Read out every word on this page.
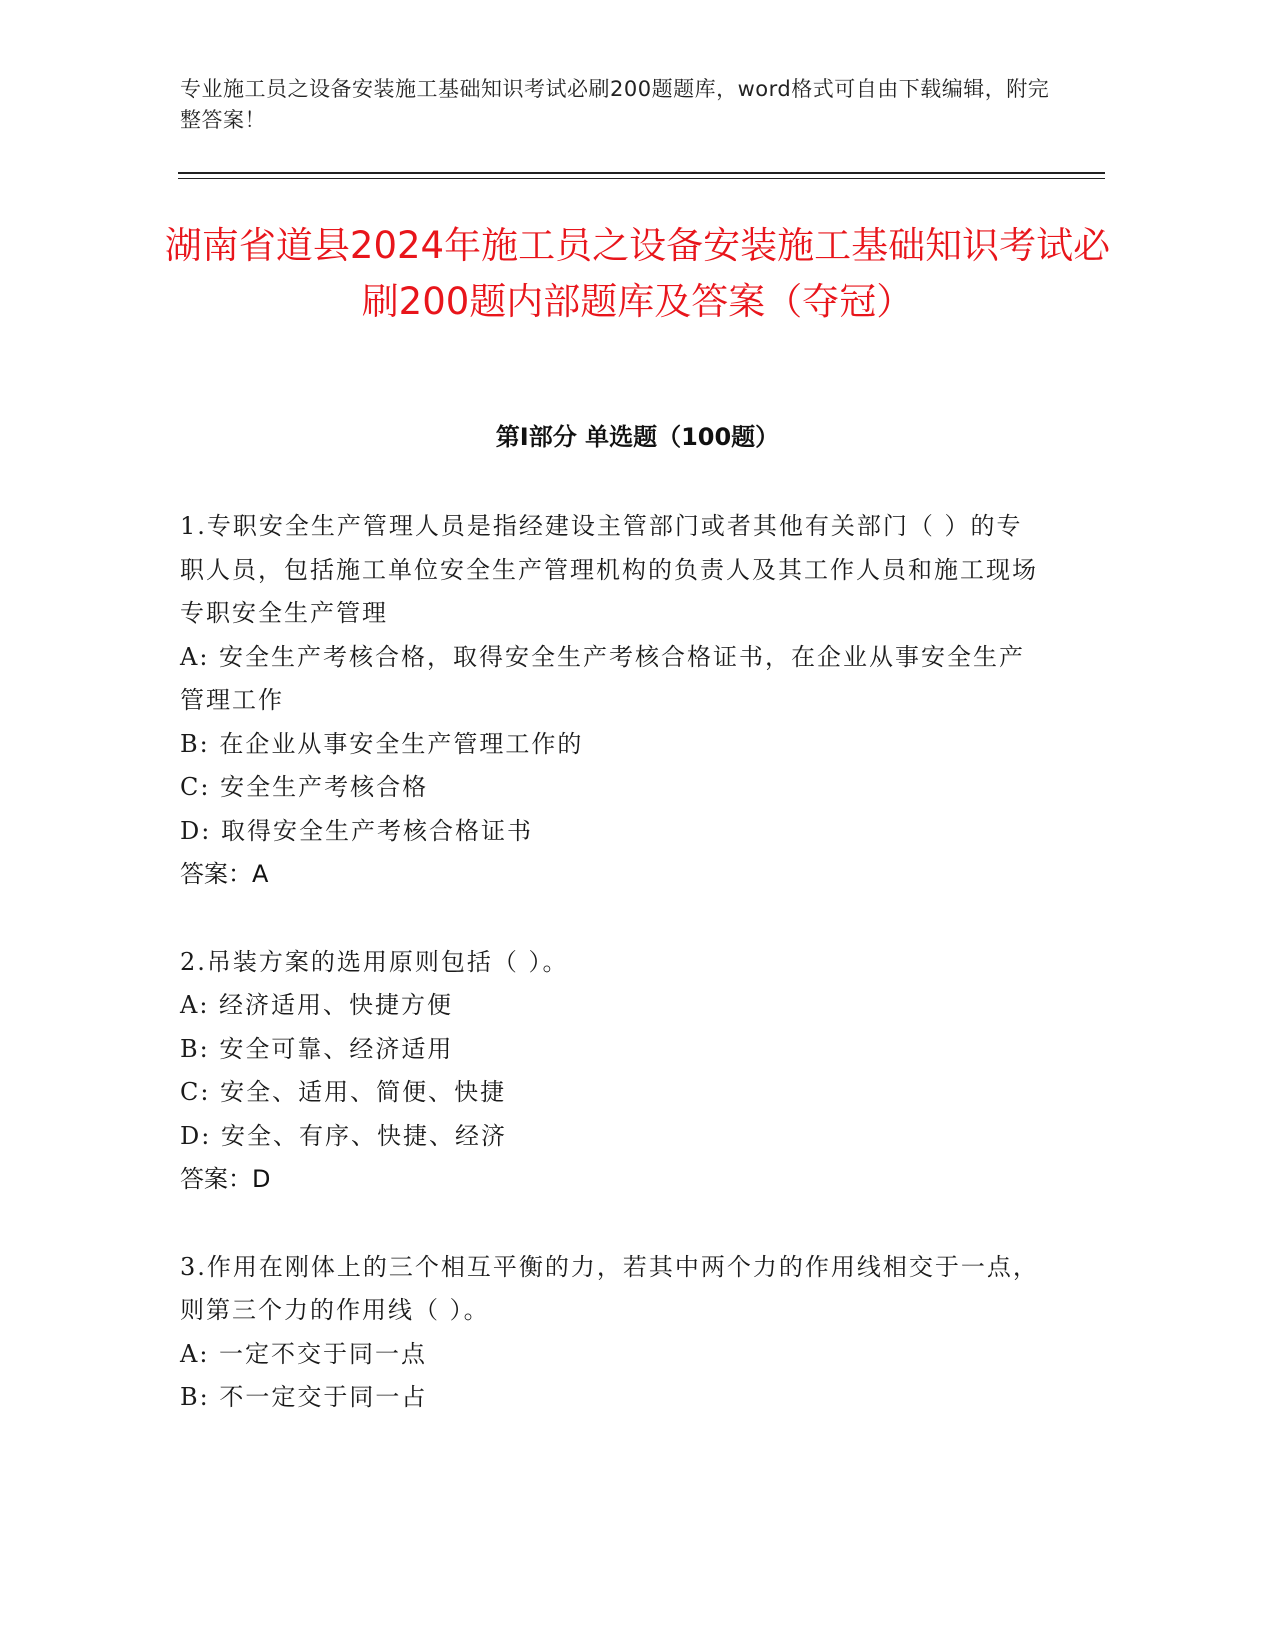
专业施工员之设备安装施工基础知识考试必刷200题题库，word格式可自由下载编辑，附完整答案！
湖南省道县2024年施工员之设备安装施工基础知识考试必刷200题内部题库及答案（夺冠）
第I部分 单选题（100题）
1.专职安全生产管理人员是指经建设主管部门或者其他有关部门（ ）的专职人员，包括施工单位安全生产管理机构的负责人及其工作人员和施工现场专职安全生产管理
A: 安全生产考核合格，取得安全生产考核合格证书，在企业从事安全生产管理工作
B: 在企业从事安全生产管理工作的
C: 安全生产考核合格
D: 取得安全生产考核合格证书
答案：A
2.吊装方案的选用原则包括（ ）。
A: 经济适用、快捷方便
B: 安全可靠、经济适用
C: 安全、适用、简便、快捷
D: 安全、有序、快捷、经济
答案：D
3.作用在刚体上的三个相互平衡的力，若其中两个力的作用线相交于一点，则第三个力的作用线（ ）。
A: 一定不交于同一点
B: 不一定交于同一占
